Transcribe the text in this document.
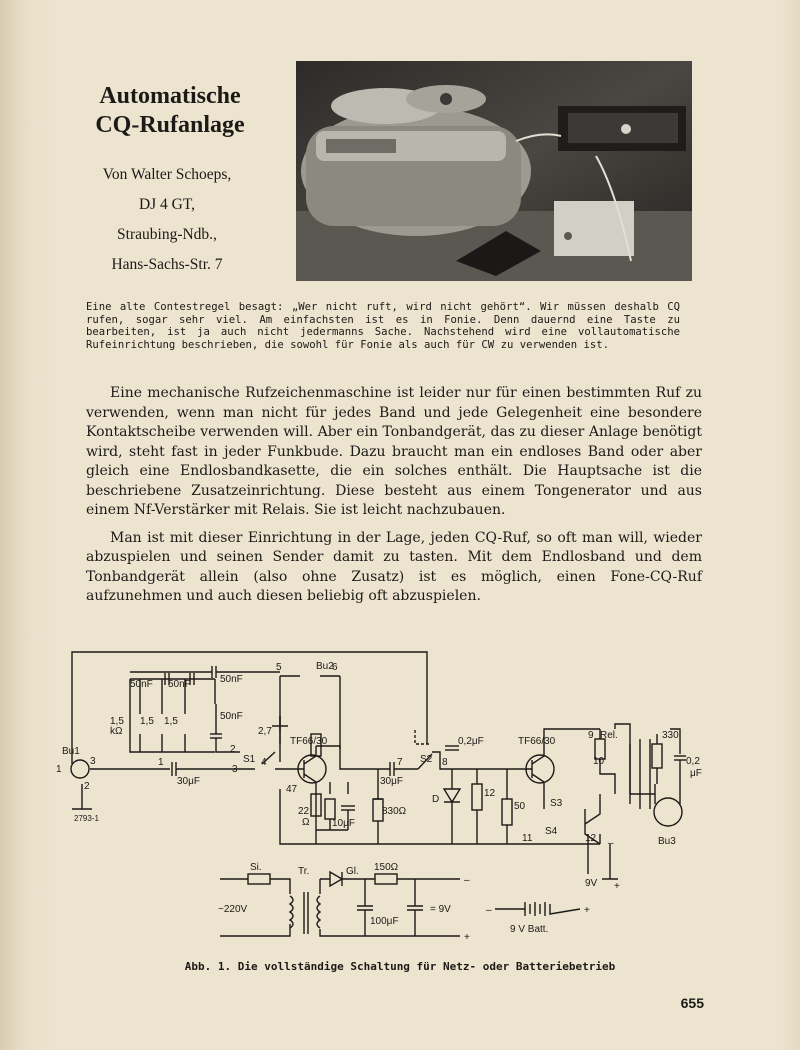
Automatische
CQ-Rufanlage
Von Walter Schoeps,
DJ 4 GT,
Straubing-Ndb.,
Hans-Sachs-Str. 7
Eine alte Contestregel besagt: „Wer nicht ruft, wird nicht gehört“. Wir müssen deshalb CQ rufen, sogar sehr viel. Am einfachsten ist es in Fonie. Denn dauernd eine Taste zu bearbeiten, ist ja auch nicht jedermanns Sache. Nachstehend wird eine vollautomatische Rufeinrichtung beschrieben, die sowohl für Fonie als auch für CW zu verwenden ist.

Eine mechanische Rufzeichenmaschine ist leider nur für einen bestimmten Ruf zu verwenden, wenn man nicht für jedes Band und jede Gelegenheit eine besondere Kontaktscheibe verwenden will. Aber ein Tonbandgerät, das zu dieser Anlage benötigt wird, steht fast in jeder Funkbude. Dazu braucht man ein endloses Band oder aber gleich eine Endlosbandkasette, die ein solches enthält. Die Hauptsache ist die beschriebene Zusatzeinrichtung. Diese besteht aus einem Tongenerator und aus einem Nf-Verstärker mit Relais. Sie ist leicht nachzubauen.

Man ist mit dieser Einrichtung in der Lage, jeden CQ-Ruf, so oft man will, wieder abzuspielen und seinen Sender damit zu tasten. Mit dem Endlosband und dem Tonbandgerät allein (also ohne Zusatz) ist es möglich, einen Fone-CQ-Ruf aufzunehmen und auch diesen beliebig oft abzuspielen.

Bu1
Bu2
Bu3
TF66/30	TF66/30
Rel.
S1	S2
S3
S4
50nF 50nF	50nF
50nF
1,5 1,5 1,5
kΩ	2,7
47
22
Ω 10μF
30μF	30μF
830Ω
0,2μF
D
12
50
330
0,2
μF
2793-1
Si.	Tr.	Gl. 150Ω
~220V
100μF
= 9V
9 V Batt.
9V
–
+
–	+
+
–
1
2
3	1
2
3
4
5	6
7	8
9
10
11	12
Abb. 1. Die vollständige Schaltung für Netz- oder Batteriebetrieb
655
